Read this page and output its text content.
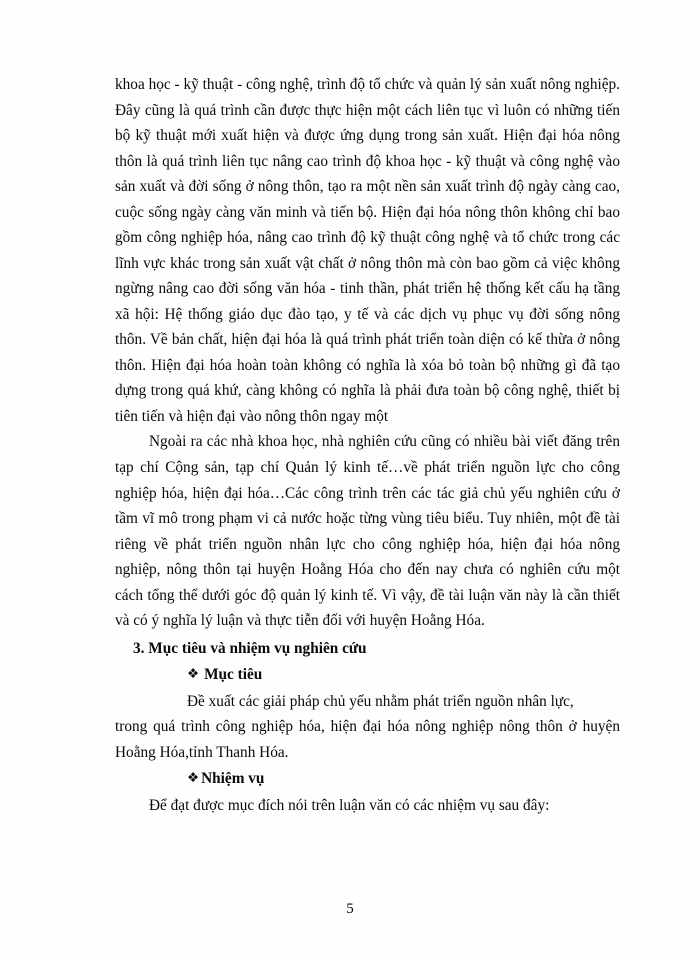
khoa học - kỹ thuật - công nghệ, trình độ tổ chức và quản lý sản xuất nông nghiệp. Đây cũng là quá trình cần được thực hiện một cách liên tục vì luôn có những tiến bộ kỹ thuật mới xuất hiện và được ứng dụng trong sản xuất. Hiện đại hóa nông thôn là quá trình liên tục nâng cao trình độ khoa học - kỹ thuật và công nghệ vào sản xuất và đời sống ở nông thôn, tạo ra một nền sản xuất trình độ ngày càng cao, cuộc sống ngày càng văn minh và tiến bộ. Hiện đại hóa nông thôn không chỉ bao gồm công nghiệp hóa, nâng cao trình độ kỹ thuật công nghệ và tổ chức trong các lĩnh vực khác trong sản xuất vật chất ở nông thôn mà còn bao gồm cả việc không ngừng nâng cao đời sống văn hóa - tinh thần, phát triển hệ thống kết cấu hạ tầng xã hội: Hệ thống giáo dục đào tạo, y tế và các dịch vụ phục vụ đời sống nông thôn. Về bản chất, hiện đại hóa là quá trình phát triển toàn diện có kế thừa ở nông thôn. Hiện đại hóa hoàn toàn không có nghĩa là xóa bỏ toàn bộ những gì đã tạo dựng trong quá khứ, càng không có nghĩa là phải đưa toàn bộ công nghệ, thiết bị tiên tiến và hiện đại vào nông thôn ngay một

Ngoài ra các nhà khoa học, nhà nghiên cứu cũng có nhiều bài viết đăng trên tạp chí Cộng sản, tạp chí Quản lý kinh tế…về phát triển nguồn lực cho công nghiệp hóa, hiện đại hóa…Các công trình trên các tác giả chủ yếu nghiên cứu ở tầm vĩ mô trong phạm vi cả nước hoặc từng vùng tiêu biểu. Tuy nhiên, một đề tài riêng về phát triển nguồn nhân lực cho công nghiệp hóa, hiện đại hóa nông nghiệp, nông thôn tại huyện Hoằng Hóa cho đến nay chưa có nghiên cứu một cách tổng thể dưới góc độ quản lý kinh tế. Vì vậy, đề tài luận văn này là cần thiết và có ý nghĩa lý luận và thực tiễn đối với huyện Hoằng Hóa.

3. Mục tiêu và nhiệm vụ nghiên cứu

❖ Mục tiêu

Đề xuất các giải pháp chủ yếu nhằm phát triển nguồn nhân lực,

trong quá trình công nghiệp hóa, hiện đại hóa nông nghiệp nông thôn ở huyện Hoằng Hóa,tỉnh Thanh Hóa.

❖ Nhiệm vụ

Để đạt được mục đích nói trên luận văn có các nhiệm vụ sau đây:

5
